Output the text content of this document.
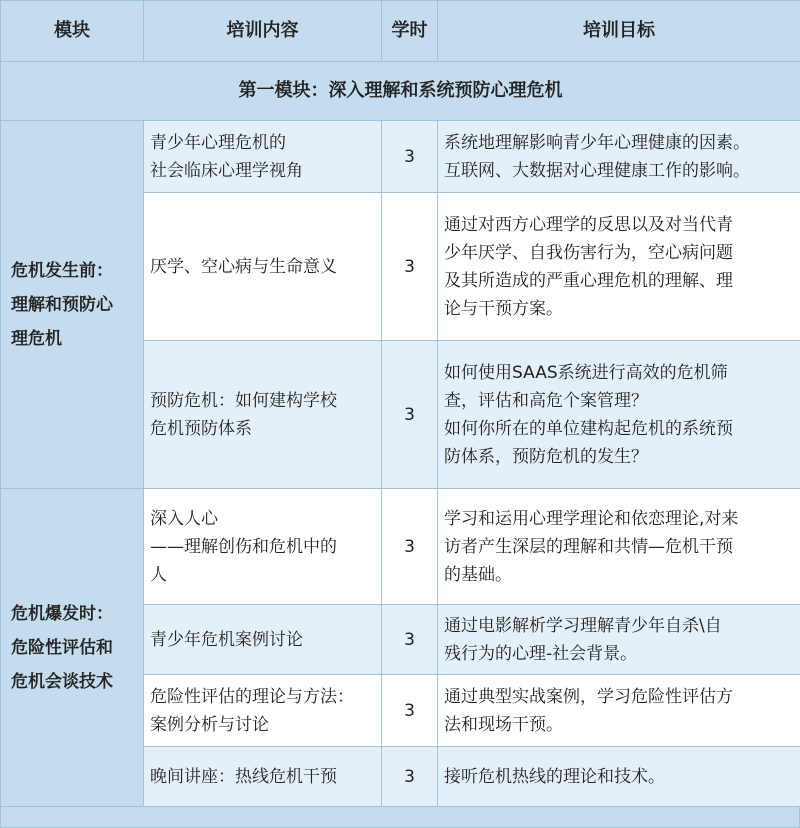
模块	培训内容	学时	培训目标
第一模块：深入理解和系统预防心理危机			

危机发生前：
理解和预防心
理危机	青少年心理危机的
社会临床心理学视角	3	系统地理解影响青少年心理健康的因素。
互联网、大数据对心理健康工作的影响。

	厌学、空心病与生命意义	3	通过对西方心理学的反思以及对当代青
少年厌学、自我伤害行为，空心病问题
及其所造成的严重心理危机的理解、理
论与干预方案。

	预防危机：如何建构学校
危机预防体系	3	如何使用SAAS系统进行高效的危机筛
查，评估和高危个案管理？
如何你所在的单位建构起危机的系统预
防体系，预防危机的发生？

危机爆发时：
危险性评估和
危机会谈技术	深入人心
——理解创伤和危机中的
人	3	学习和运用心理学理论和依恋理论,对来
访者产生深层的理解和共情—危机干预
的基础。

	青少年危机案例讨论	3	通过电影解析学习理解青少年自杀\自
残行为的心理-社会背景。

	危险性评估的理论与方法：
案例分析与讨论	3	通过典型实战案例，学习危险性评估方
法和现场干预。

	晚间讲座：热线危机干预	3	接听危机热线的理论和技术。
